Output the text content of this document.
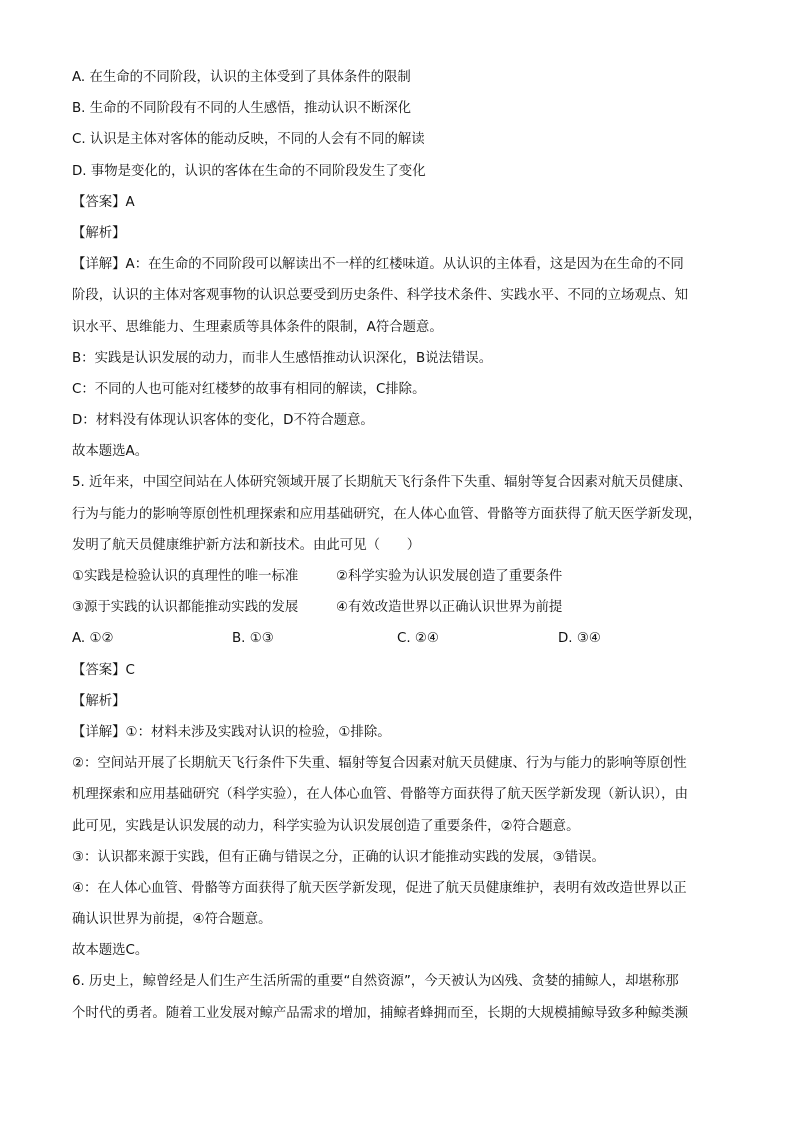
A. 在生命的不同阶段，认识的主体受到了具体条件的限制
B. 生命的不同阶段有不同的人生感悟，推动认识不断深化
C. 认识是主体对客体的能动反映，不同的人会有不同的解读
D. 事物是变化的，认识的客体在生命的不同阶段发生了变化
【答案】A
【解析】
【详解】A：在生命的不同阶段可以解读出不一样的红楼味道。从认识的主体看，这是因为在生命的不同
阶段，认识的主体对客观事物的认识总要受到历史条件、科学技术条件、实践水平、不同的立场观点、知
识水平、思维能力、生理素质等具体条件的限制，A符合题意。
B：实践是认识发展的动力，而非人生感悟推动认识深化，B说法错误。
C：不同的人也可能对红楼梦的故事有相同的解读，C排除。
D：材料没有体现认识客体的变化，D不符合题意。
故本题选A。
5. 近年来，中国空间站在人体研究领域开展了长期航天飞行条件下失重、辐射等复合因素对航天员健康、
行为与能力的影响等原创性机理探索和应用基础研究，在人体心血管、骨骼等方面获得了航天医学新发现，
发明了航天员健康维护新方法和新技术。由此可见（　　）
①实践是检验认识的真理性的唯一标准	②科学实验为认识发展创造了重要条件
③源于实践的认识都能推动实践的发展	④有效改造世界以正确认识世界为前提
A. ①②	B. ①③	C. ②④	D. ③④
【答案】C
【解析】
【详解】①：材料未涉及实践对认识的检验，①排除。
②：空间站开展了长期航天飞行条件下失重、辐射等复合因素对航天员健康、行为与能力的影响等原创性
机理探索和应用基础研究（科学实验），在人体心血管、骨骼等方面获得了航天医学新发现（新认识），由
此可见，实践是认识发展的动力，科学实验为认识发展创造了重要条件，②符合题意。
③：认识都来源于实践，但有正确与错误之分，正确的认识才能推动实践的发展，③错误。
④：在人体心血管、骨骼等方面获得了航天医学新发现，促进了航天员健康维护，表明有效改造世界以正
确认识世界为前提，④符合题意。
故本题选C。
6. 历史上，鲸曾经是人们生产生活所需的重要“自然资源”，今天被认为凶残、贪婪的捕鲸人，却堪称那
个时代的勇者。随着工业发展对鲸产品需求的增加，捕鲸者蜂拥而至，长期的大规模捕鲸导致多种鲸类濒
